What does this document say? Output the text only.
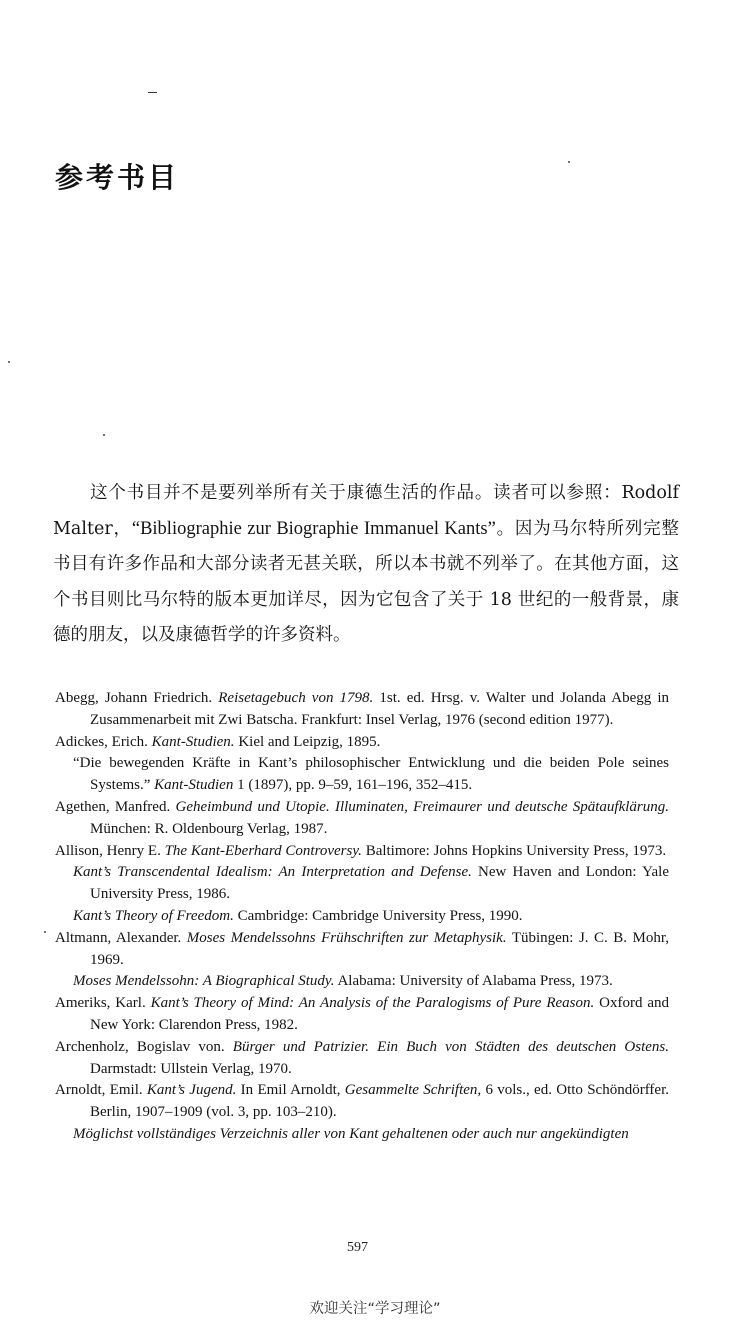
参考书目

这个书目并不是要列举所有关于康德生活的作品。读者可以参照：Rodolf Malter，“Bibliographie zur Biographie Immanuel Kants”。因为马尔特所列完整书目有许多作品和大部分读者无甚关联，所以本书就不列举了。在其他方面，这个书目则比马尔特的版本更加详尽，因为它包含了关于 18 世纪的一般背景，康德的朋友，以及康德哲学的许多资料。

Abegg, Johann Friedrich. Reisetagebuch von 1798. 1st. ed. Hrsg. v. Walter und Jolanda Abegg in Zusammenarbeit mit Zwi Batscha. Frankfurt: Insel Verlag, 1976 (second edition 1977).
Adickes, Erich. Kant-Studien. Kiel and Leipzig, 1895.
“Die bewegenden Kräfte in Kant’s philosophischer Entwicklung und die beiden Pole seines Systems.” Kant-Studien 1 (1897), pp. 9–59, 161–196, 352–415.
Agethen, Manfred. Geheimbund und Utopie. Illuminaten, Freimaurer und deutsche Spätaufklärung. München: R. Oldenbourg Verlag, 1987.
Allison, Henry E. The Kant-Eberhard Controversy. Baltimore: Johns Hopkins University Press, 1973.
Kant’s Transcendental Idealism: An Interpretation and Defense. New Haven and London: Yale University Press, 1986.
Kant’s Theory of Freedom. Cambridge: Cambridge University Press, 1990.
Altmann, Alexander. Moses Mendelssohns Frühschriften zur Metaphysik. Tübingen: J. C. B. Mohr, 1969.
Moses Mendelssohn: A Biographical Study. Alabama: University of Alabama Press, 1973.
Ameriks, Karl. Kant’s Theory of Mind: An Analysis of the Paralogisms of Pure Reason. Oxford and New York: Clarendon Press, 1982.
Archenholz, Bogislav von. Bürger und Patrizier. Ein Buch von Städten des deutschen Ostens. Darmstadt: Ullstein Verlag, 1970.
Arnoldt, Emil. Kant’s Jugend. In Emil Arnoldt, Gesammelte Schriften, 6 vols., ed. Otto Schöndörffer. Berlin, 1907–1909 (vol. 3, pp. 103–210).
Möglichst vollständiges Verzeichnis aller von Kant gehaltenen oder auch nur angekündigten
597
欢迎关注“学习理论”
